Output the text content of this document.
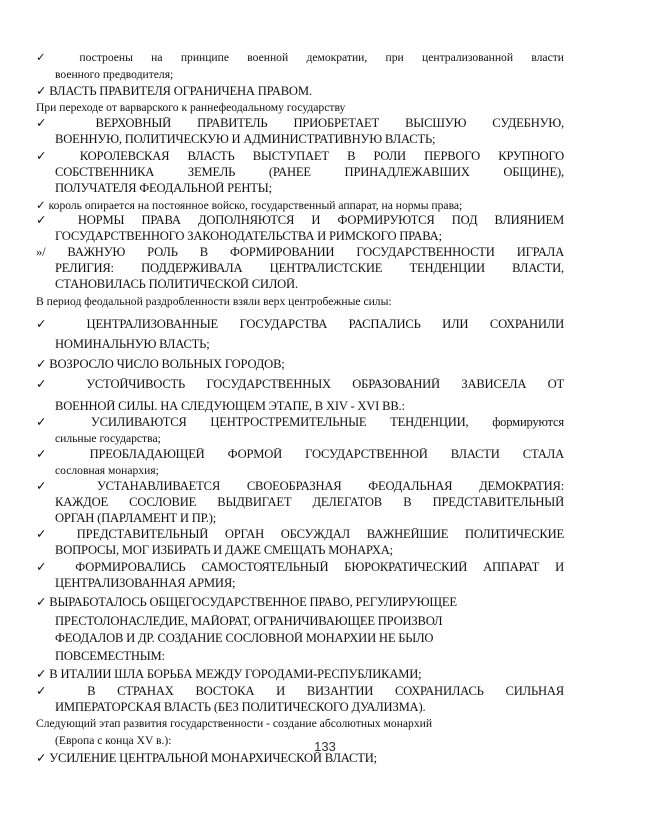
✓ построены на принципе военной демократии, при централизованной власти
военного предводителя;
✓ ВЛАСТЬ ПРАВИТЕЛЯ ОГРАНИЧЕНА ПРАВОМ.
При переходе от варварского к раннефеодальному государству
✓ ВЕРХОВНЫЙ ПРАВИТЕЛЬ ПРИОБРЕТАЕТ ВЫСШУЮ СУДЕБНУЮ,
ВОЕННУЮ, ПОЛИТИЧЕСКУЮ И АДМИНИСТРАТИВНУЮ ВЛАСТЬ;
✓ КОРОЛЕВСКАЯ ВЛАСТЬ ВЫСТУПАЕТ В РОЛИ ПЕРВОГО КРУПНОГО
СОБСТВЕННИКА ЗЕМЕЛЬ (РАНЕЕ ПРИНАДЛЕЖАВШИХ ОБЩИНЕ),
ПОЛУЧАТЕЛЯ ФЕОДАЛЬНОЙ РЕНТЫ;
✓ король опирается на постоянное войско, государственный аппарат, на нормы права;
✓ НОРМЫ ПРАВА ДОПОЛНЯЮТСЯ И ФОРМИРУЮТСЯ ПОД ВЛИЯНИЕМ
ГОСУДАРСТВЕННОГО ЗАКОНОДАТЕЛЬСТВА И РИМСКОГО ПРАВА;
»/ ВАЖНУЮ РОЛЬ В ФОРМИРОВАНИИ ГОСУДАРСТВЕННОСТИ ИГРАЛА
РЕЛИГИЯ: ПОДДЕРЖИВАЛА ЦЕНТРАЛИСТСКИЕ ТЕНДЕНЦИИ ВЛАСТИ,
СТАНОВИЛАСЬ ПОЛИТИЧЕСКОЙ СИЛОЙ.
В период феодальной раздробленности взяли верх центробежные силы:
✓ ЦЕНТРАЛИЗОВАННЫЕ ГОСУДАРСТВА РАСПАЛИСЬ ИЛИ СОХРАНИЛИ
НОМИНАЛЬНУЮ ВЛАСТЬ;
✓ ВОЗРОСЛО ЧИСЛО ВОЛЬНЫХ ГОРОДОВ;
✓ УСТОЙЧИВОСТЬ ГОСУДАРСТВЕННЫХ ОБРАЗОВАНИЙ ЗАВИСЕЛА ОТ
ВОЕННОЙ СИЛЫ. НА СЛЕДУЮЩЕМ ЭТАПЕ, В XIV - XVI ВВ.:
✓ УСИЛИВАЮТСЯ ЦЕНТРОСТРЕМИТЕЛЬНЫЕ ТЕНДЕНЦИИ, формируются
сильные государства;
✓ ПРЕОБЛАДАЮЩЕЙ ФОРМОЙ ГОСУДАРСТВЕННОЙ ВЛАСТИ СТАЛА
сословная монархия;
✓ УСТАНАВЛИВАЕТСЯ СВОЕОБРАЗНАЯ ФЕОДАЛЬНАЯ ДЕМОКРАТИЯ:
КАЖДОЕ СОСЛОВИЕ ВЫДВИГАЕТ ДЕЛЕГАТОВ В ПРЕДСТАВИТЕЛЬНЫЙ
ОРГАН (ПАРЛАМЕНТ И ПР.);
✓ ПРЕДСТАВИТЕЛЬНЫЙ ОРГАН ОБСУЖДАЛ ВАЖНЕЙШИЕ ПОЛИТИЧЕСКИЕ
ВОПРОСЫ, МОГ ИЗБИРАТЬ И ДАЖЕ СМЕЩАТЬ МОНАРХА;
✓ ФОРМИРОВАЛИСЬ САМОСТОЯТЕЛЬНЫЙ БЮРОКРАТИЧЕСКИЙ АППАРАТ И
ЦЕНТРАЛИЗОВАННАЯ АРМИЯ;
✓ ВЫРАБОТАЛОСЬ ОБЩЕГОСУДАРСТВЕННОЕ ПРАВО, РЕГУЛИРУЮЩЕЕ
ПРЕСТОЛОНАСЛЕДИЕ, МАЙОРАТ, ОГРАНИЧИВАЮЩЕЕ ПРОИЗВОЛ
ФЕОДАЛОВ И ДР. СОЗДАНИЕ СОСЛОВНОЙ МОНАРХИИ НЕ БЫЛО
ПОВСЕМЕСТНЫМ:
✓ В ИТАЛИИ ШЛА БОРЬБА МЕЖДУ ГОРОДАМИ-РЕСПУБЛИКАМИ;
✓ В СТРАНАХ ВОСТОКА И ВИЗАНТИИ СОХРАНИЛАСЬ СИЛЬНАЯ
ИМПЕРАТОРСКАЯ ВЛАСТЬ (БЕЗ ПОЛИТИЧЕСКОГО ДУАЛИЗМА).
Следующий этап развития государственности - создание абсолютных монархий
(Европа с конца XV в.):	133
✓ УСИЛЕНИЕ ЦЕНТРАЛЬНОЙ МОНАРХИЧЕСКОЙ ВЛАСТИ;
